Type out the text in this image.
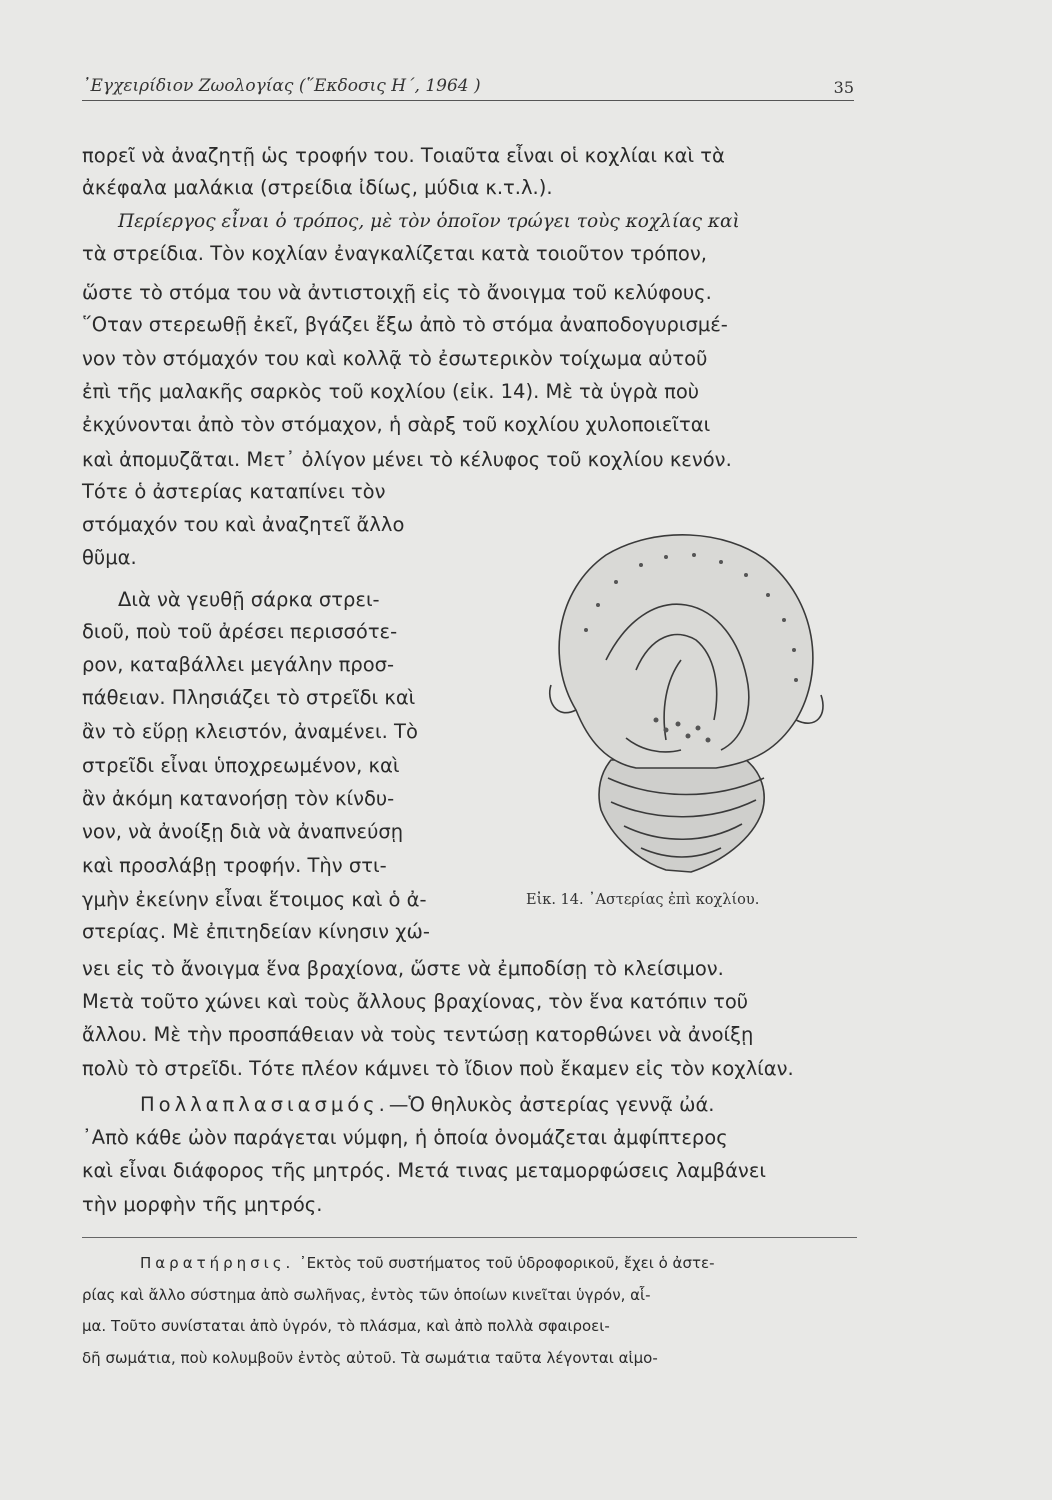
᾿Εγχειρίδιον Ζωολογίας (῞Εκδοσις Η΄, 1964 )	35
πορεῖ νὰ ἀναζητῇ ὡς τροφήν του. Τοιαῦτα εἶναι οἱ κοχλίαι καὶ τὰ
ἀκέφαλα μαλάκια (στρείδια ἰδίως, μύδια κ.τ.λ.).
Περίεργος εἶναι ὁ τρόπος, μὲ τὸν ὁποῖον τρώγει τοὺς κοχλίας καὶ
τὰ στρείδια. Τὸν κοχλίαν ἐναγκαλίζεται κατὰ τοιοῦτον τρόπον,
ὥστε τὸ στόμα του νὰ ἀντιστοιχῇ εἰς τὸ ἄνοιγμα τοῦ κελύφους.
῞Οταν στερεωθῇ ἐκεῖ, βγάζει ἔξω ἀπὸ τὸ στόμα ἀναποδογυρισμέ-
νον τὸν στόμαχόν του καὶ κολλᾷ τὸ ἐσωτερικὸν τοίχωμα αὐτοῦ
ἐπὶ τῆς μαλακῆς σαρκὸς τοῦ κοχλίου (εἰκ. 14). Μὲ τὰ ὑγρὰ ποὺ
ἐκχύνονται ἀπὸ τὸν στόμαχον, ἡ σὰρξ τοῦ κοχλίου χυλοποιεῖται
καὶ ἀπομυζᾶται. Μετ᾿ ὀλίγον μένει τὸ κέλυφος τοῦ κοχλίου κενόν.
Τότε ὁ ἀστερίας καταπίνει τὸν
στόμαχόν του καὶ ἀναζητεῖ ἄλλο
θῦμα.
Διὰ νὰ γευθῇ σάρκα στρει-
διοῦ, ποὺ τοῦ ἀρέσει περισσότε-
ρον, καταβάλλει μεγάλην προσ-
πάθειαν. Πλησιάζει τὸ στρεῖδι καὶ
ἂν τὸ εὕρῃ κλειστόν, ἀναμένει. Τὸ
στρεῖδι εἶναι ὑποχρεωμένον, καὶ
ἂν ἀκόμη κατανοήσῃ τὸν κίνδυ-
νον, νὰ ἀνοίξῃ διὰ νὰ ἀναπνεύσῃ
καὶ προσλάβῃ τροφήν. Τὴν στι-
γμὴν ἐκείνην εἶναι ἕτοιμος καὶ ὁ ἀ-
στερίας. Μὲ ἐπιτηδείαν κίνησιν χώ-
νει εἰς τὸ ἄνοιγμα ἕνα βραχίονα, ὥστε νὰ ἐμποδίσῃ τὸ κλείσιμον.
Μετὰ τοῦτο χώνει καὶ τοὺς ἄλλους βραχίονας, τὸν ἕνα κατόπιν τοῦ
ἄλλου. Μὲ τὴν προσπάθειαν νὰ τοὺς τεντώσῃ κατορθώνει νὰ ἀνοίξῃ
πολὺ τὸ στρεῖδι. Τότε πλέον κάμνει τὸ ἴδιον ποὺ ἔκαμεν εἰς τὸν κοχλίαν.
Πολλαπλασιασμός.—Ὁ θηλυκὸς ἀστερίας γεννᾷ ὠά.
᾿Απὸ κάθε ὠὸν παράγεται νύμφη, ἡ ὁποία ὀνομάζεται ἀμφίπτερος
καὶ εἶναι διάφορος τῆς μητρός. Μετά τινας μεταμορφώσεις λαμβάνει
τὴν μορφὴν τῆς μητρός.
Παρατήρησις. ᾿Εκτὸς τοῦ συστήματος τοῦ ὑδροφορικοῦ, ἔχει ὁ ἀστε-
ρίας καὶ ἄλλο σύστημα ἀπὸ σωλῆνας, ἐντὸς τῶν ὁποίων κινεῖται ὑγρόν, αἷ-
μα. Τοῦτο συνίσταται ἀπὸ ὑγρόν, τὸ πλάσμα, καὶ ἀπὸ πολλὰ σφαιροει-
δῆ σωμάτια, ποὺ κολυμβοῦν ἐντὸς αὐτοῦ. Τὰ σωμάτια ταῦτα λέγονται αἱμο-
Εἰκ. 14. ᾿Αστερίας ἐπὶ κοχλίου.
